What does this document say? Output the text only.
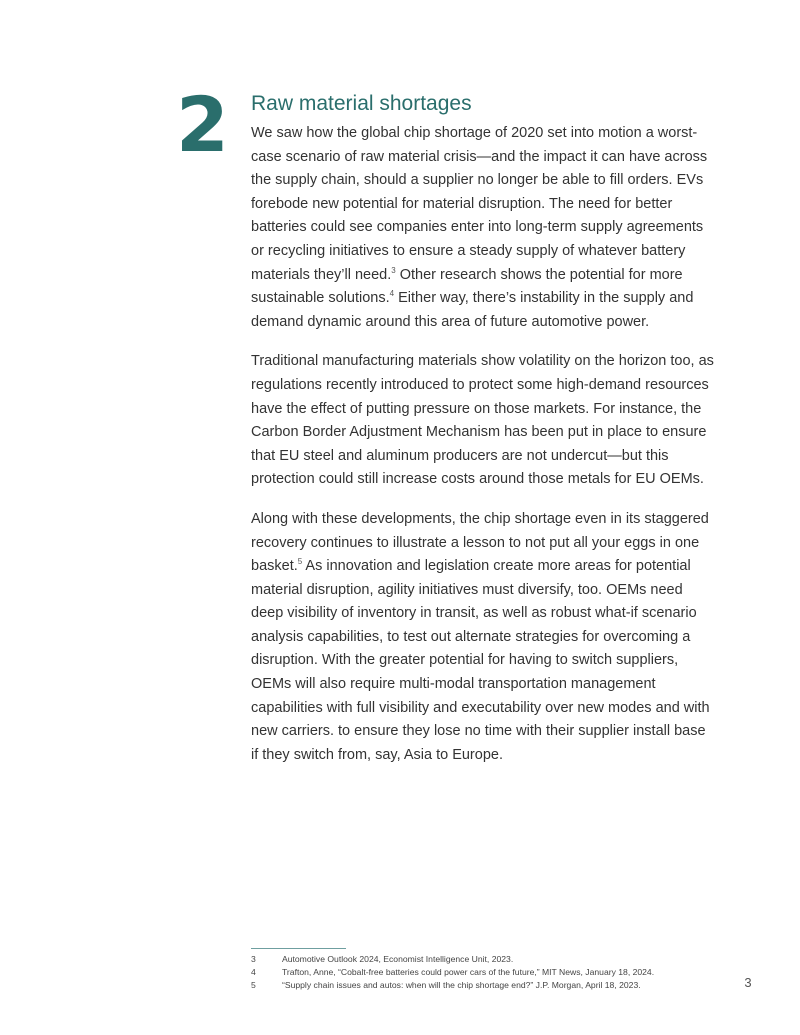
2 Raw material shortages

We saw how the global chip shortage of 2020 set into motion a worst-case scenario of raw material crisis—and the impact it can have across the supply chain, should a supplier no longer be able to fill orders. EVs forebode new potential for material disruption. The need for better batteries could see companies enter into long-term supply agreements or recycling initiatives to ensure a steady supply of whatever battery materials they’ll need.$^3$ Other research shows the potential for more sustainable solutions.$^4$ Either way, there’s instability in the supply and demand dynamic around this area of future automotive power.

Traditional manufacturing materials show volatility on the horizon too, as regulations recently introduced to protect some high-demand resources have the effect of putting pressure on those markets. For instance, the Carbon Border Adjustment Mechanism has been put in place to ensure that EU steel and aluminum producers are not undercut—but this protection could still increase costs around those metals for EU OEMs.

Along with these developments, the chip shortage even in its staggered recovery continues to illustrate a lesson to not put all your eggs in one basket.$^5$ As innovation and legislation create more areas for potential material disruption, agility initiatives must diversify, too. OEMs need deep visibility of inventory in transit, as well as robust what-if scenario analysis capabilities, to test out alternate strategies for overcoming a disruption. With the greater potential for having to switch suppliers, OEMs will also require multi-modal transportation management capabilities with full visibility and executability over new modes and with new carriers. to ensure they lose no time with their supplier install base if they switch from, say, Asia to Europe.

3	Automotive Outlook 2024, Economist Intelligence Unit, 2023.
4	Trafton, Anne, “Cobalt-free batteries could power cars of the future,” MIT News, January 18, 2024.
5	“Supply chain issues and autos: when will the chip shortage end?” J.P. Morgan, April 18, 2023.	3
